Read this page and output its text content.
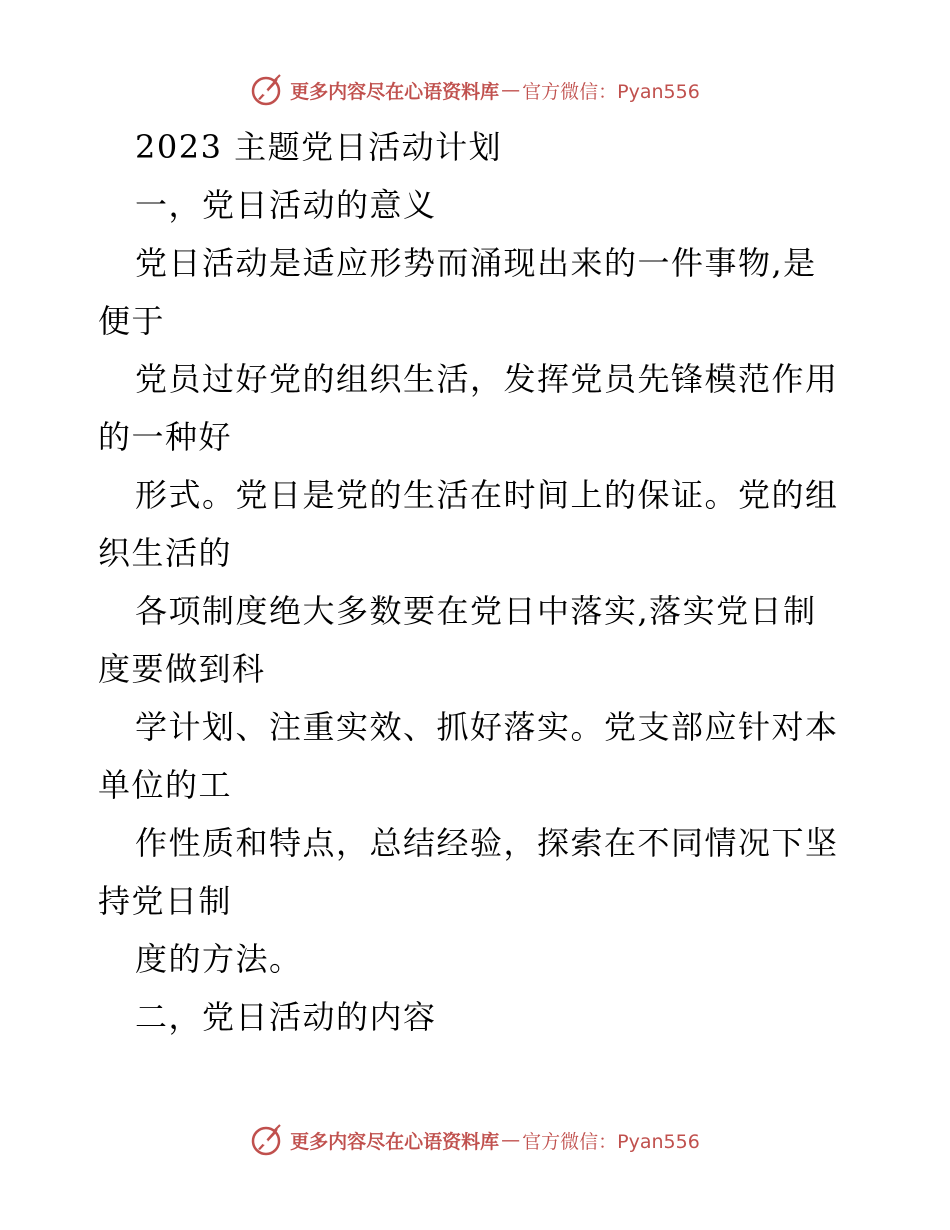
更多内容尽在心语资料库 — 官方微信：Pyan556
2023 主题党日活动计划
一，党日活动的意义
党日活动是适应形势而涌现出来的一件事物,是
便于
党员过好党的组织生活，发挥党员先锋模范作用
的一种好
形式。党日是党的生活在时间上的保证。党的组
织生活的
各项制度绝大多数要在党日中落实,落实党日制
度要做到科
学计划、注重实效、抓好落实。党支部应针对本
单位的工
作性质和特点，总结经验，探索在不同情况下坚
持党日制
度的方法。
二，党日活动的内容
更多内容尽在心语资料库 — 官方微信：Pyan556
